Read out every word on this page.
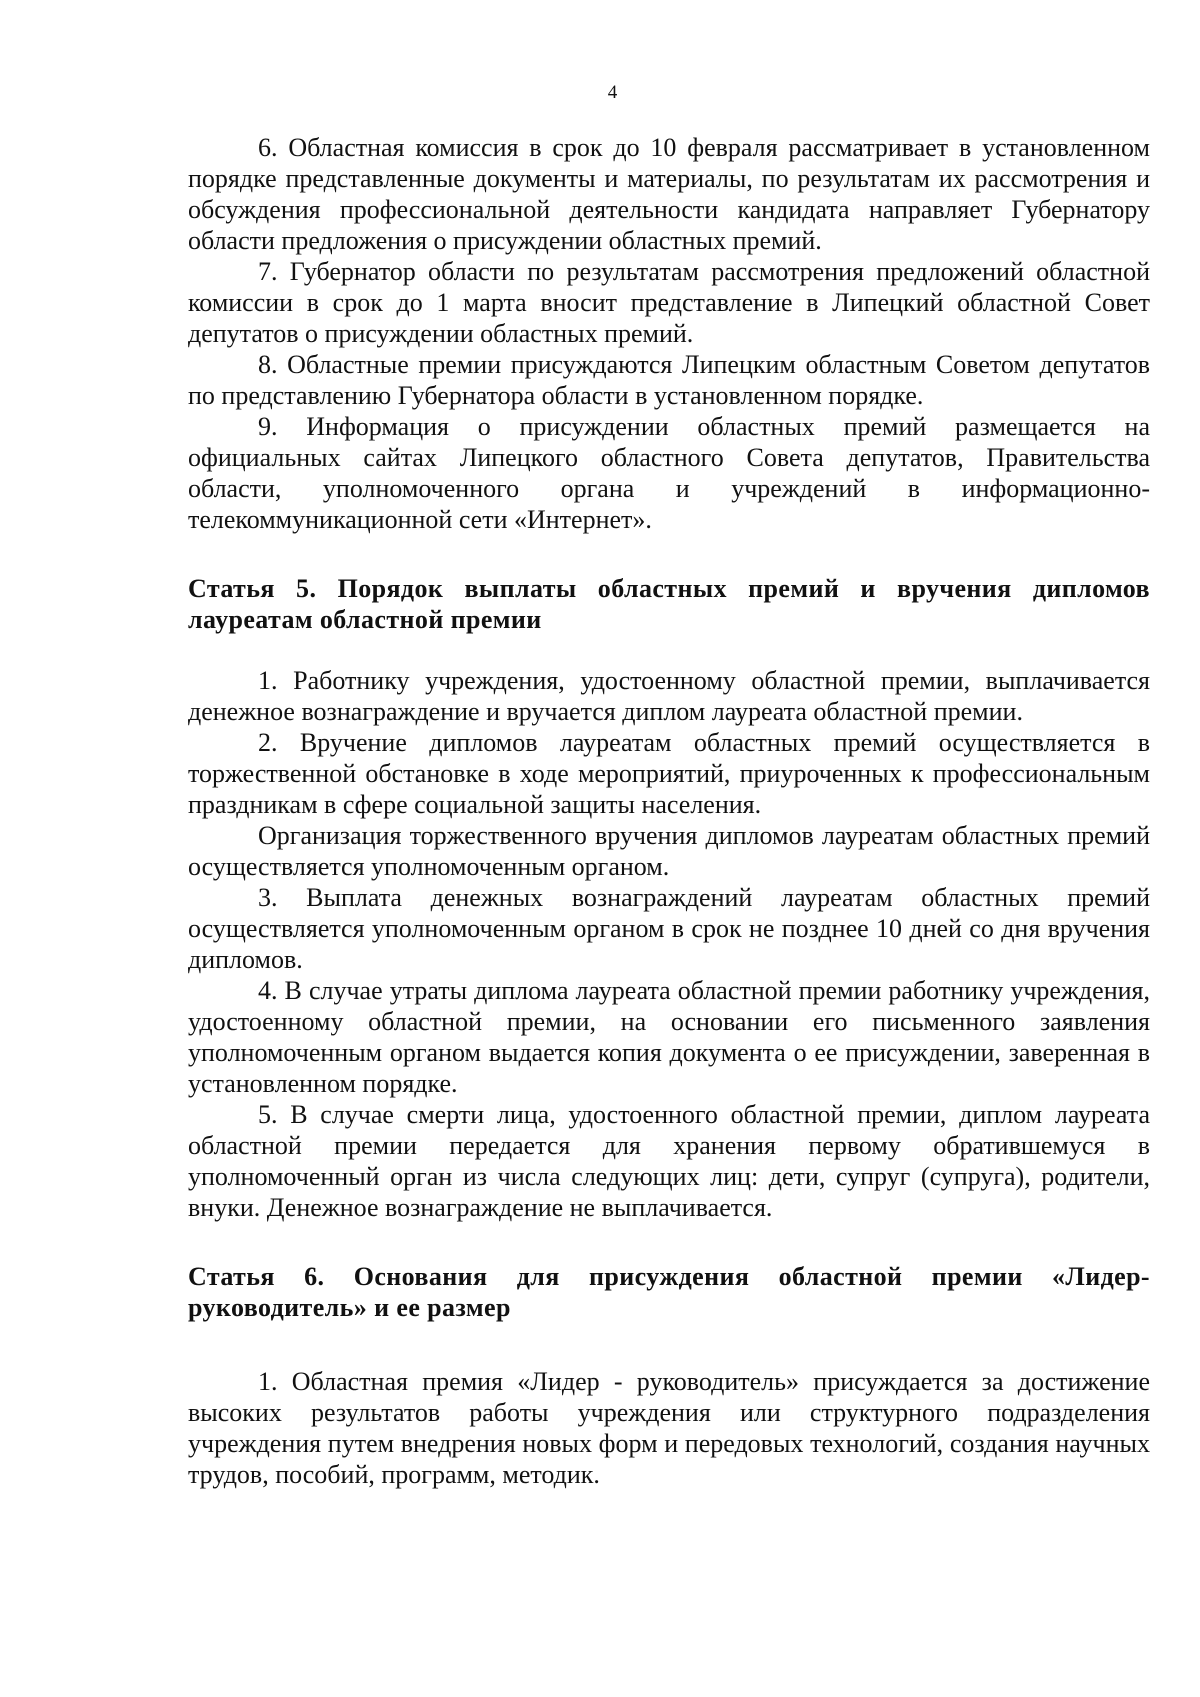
4

6. Областная комиссия в срок до 10 февраля рассматривает в установленном порядке представленные документы и материалы, по результатам их рассмотрения и обсуждения профессиональной деятельности кандидата направляет Губернатору области предложения о присуждении областных премий.

7. Губернатор области по результатам рассмотрения предложений областной комиссии в срок до 1 марта вносит представление в Липецкий областной Совет депутатов о присуждении областных премий.

8. Областные премии присуждаются Липецким областным Советом депутатов по представлению Губернатора области в установленном порядке.

9. Информация о присуждении областных премий размещается на официальных сайтах Липецкого областного Совета депутатов, Правительства области, уполномоченного органа и учреждений в информационно-телекоммуникационной сети «Интернет».

Статья 5. Порядок выплаты областных премий и вручения дипломов лауреатам областной премии

1. Работнику учреждения, удостоенному областной премии, выплачивается денежное вознаграждение и вручается диплом лауреата областной премии.

2. Вручение дипломов лауреатам областных премий осуществляется в торжественной обстановке в ходе мероприятий, приуроченных к профессиональным праздникам в сфере социальной защиты населения.

Организация торжественного вручения дипломов лауреатам областных премий осуществляется уполномоченным органом.

3. Выплата денежных вознаграждений лауреатам областных премий осуществляется уполномоченным органом в срок не позднее 10 дней со дня вручения дипломов.

4. В случае утраты диплома лауреата областной премии работнику учреждения, удостоенному областной премии, на основании его письменного заявления уполномоченным органом выдается копия документа о ее присуждении, заверенная в установленном порядке.

5. В случае смерти лица, удостоенного областной премии, диплом лауреата областной премии передается для хранения первому обратившемуся в уполномоченный орган из числа следующих лиц: дети, супруг (супруга), родители, внуки. Денежное вознаграждение не выплачивается.

Статья 6. Основания для присуждения областной премии «Лидер-руководитель» и ее размер

1. Областная премия «Лидер - руководитель» присуждается за достижение высоких результатов работы учреждения или структурного подразделения учреждения путем внедрения новых форм и передовых технологий, создания научных трудов, пособий, программ, методик.
